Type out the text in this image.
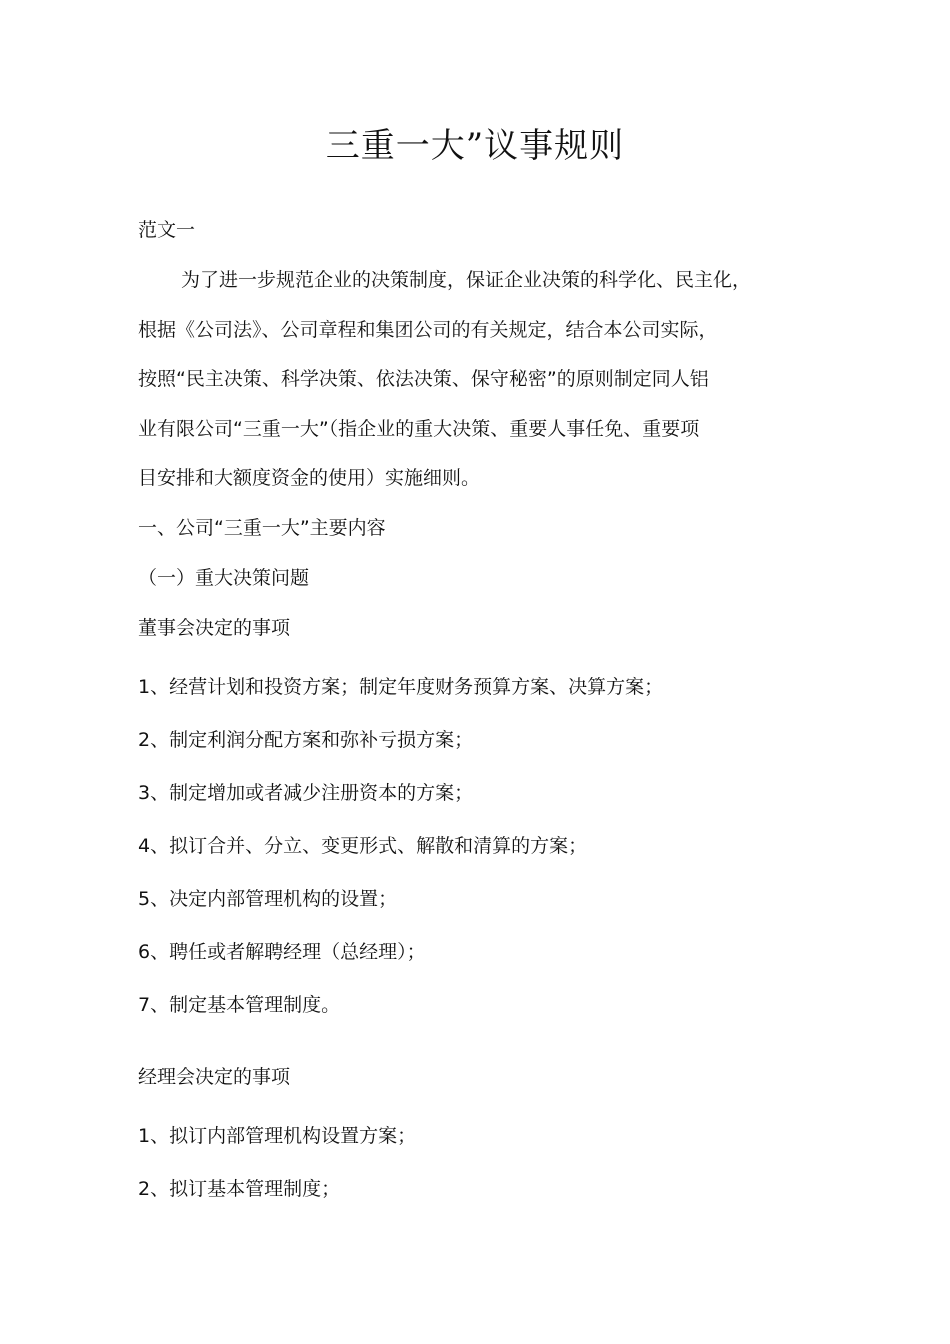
三重一大”议事规则

范文一

为了进一步规范企业的决策制度，保证企业决策的科学化、民主化，
根据《公司法》、公司章程和集团公司的有关规定，结合本公司实际，
按照“民主决策、科学决策、依法决策、保守秘密”的原则制定同人铝
业有限公司“三重一大”（指企业的重大决策、重要人事任免、重要项
目安排和大额度资金的使用）实施细则。

一、公司“三重一大”主要内容

（一）重大决策问题

董事会决定的事项

1、经营计划和投资方案；制定年度财务预算方案、决算方案；

2、制定利润分配方案和弥补亏损方案；

3、制定增加或者减少注册资本的方案；

4、拟订合并、分立、变更形式、解散和清算的方案；

5、决定内部管理机构的设置；

6、聘任或者解聘经理（总经理）；

7、制定基本管理制度。

经理会决定的事项

1、拟订内部管理机构设置方案；

2、拟订基本管理制度；
